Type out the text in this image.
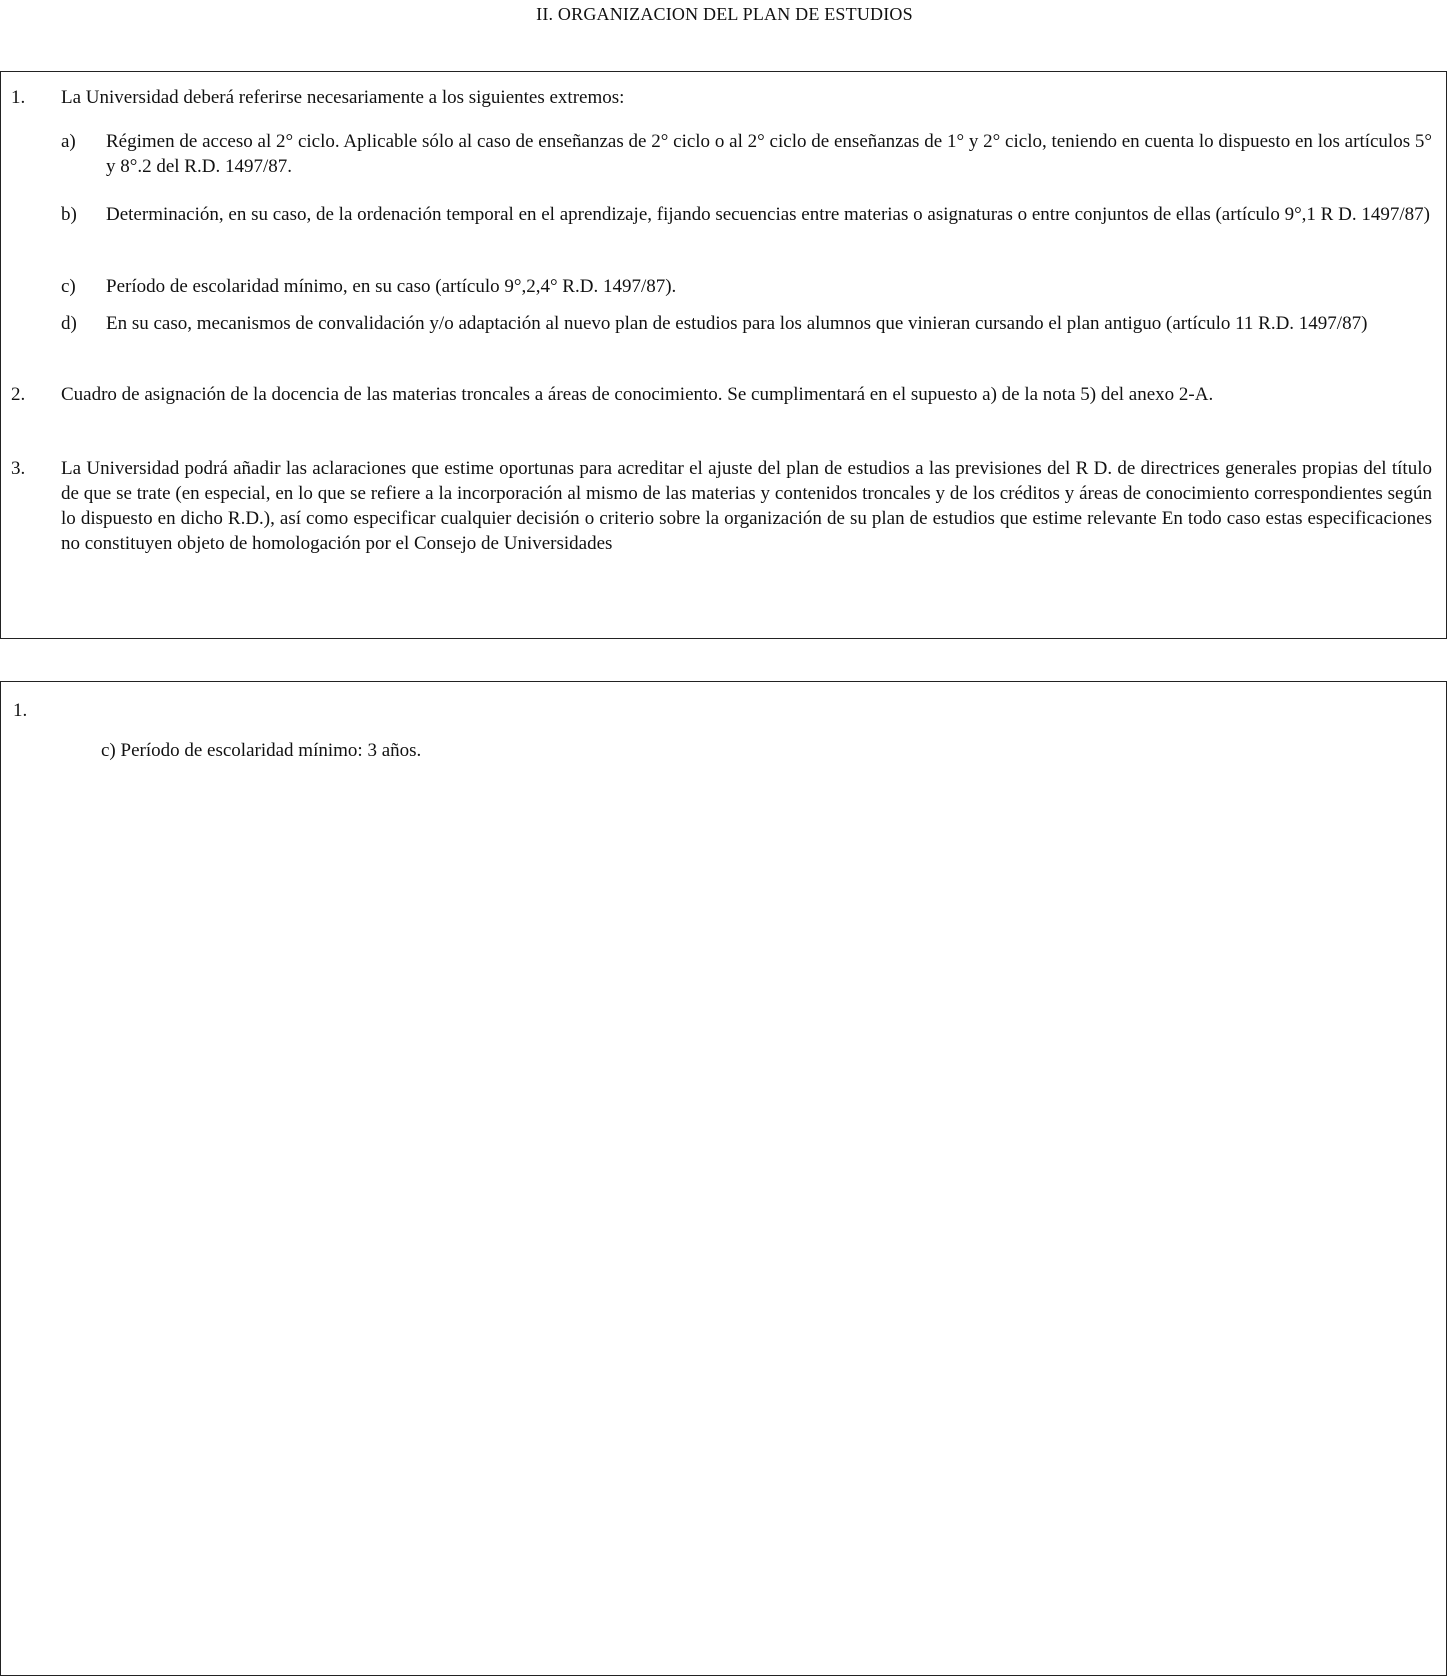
II. ORGANIZACION DEL PLAN DE ESTUDIOS
1. La Universidad deberá referirse necesariamente a los siguientes extremos:
a) Régimen de acceso al 2° ciclo. Aplicable sólo al caso de enseñanzas de 2° ciclo o al 2° ciclo de enseñanzas de 1° y 2° ciclo, teniendo en cuenta lo dispuesto en los artículos 5° y 8°.2 del R.D. 1497/87.
b) Determinación, en su caso, de la ordenación temporal en el aprendizaje, fijando secuencias entre materias o asignaturas o entre conjuntos de ellas (artículo 9°,1 R D. 1497/87)
c) Período de escolaridad mínimo, en su caso (artículo 9°,2,4° R.D. 1497/87).
d) En su caso, mecanismos de convalidación y/o adaptación al nuevo plan de estudios para los alumnos que vinieran cursando el plan antiguo (artículo 11 R.D. 1497/87)
2. Cuadro de asignación de la docencia de las materias troncales a áreas de conocimiento. Se cumplimentará en el supuesto a) de la nota 5) del anexo 2-A.
3. La Universidad podrá añadir las aclaraciones que estime oportunas para acreditar el ajuste del plan de estudios a las previsiones del R D. de directrices generales propias del título de que se trate (en especial, en lo que se refiere a la incorporación al mismo de las materias y contenidos troncales y de los créditos y áreas de conocimiento correspondientes según lo dispuesto en dicho R.D.), así como especificar cualquier decisión o criterio sobre la organización de su plan de estudios que estime relevante En todo caso estas especificaciones no constituyen objeto de homologación por el Consejo de Universidades
1.
c) Período de escolaridad mínimo: 3 años.
